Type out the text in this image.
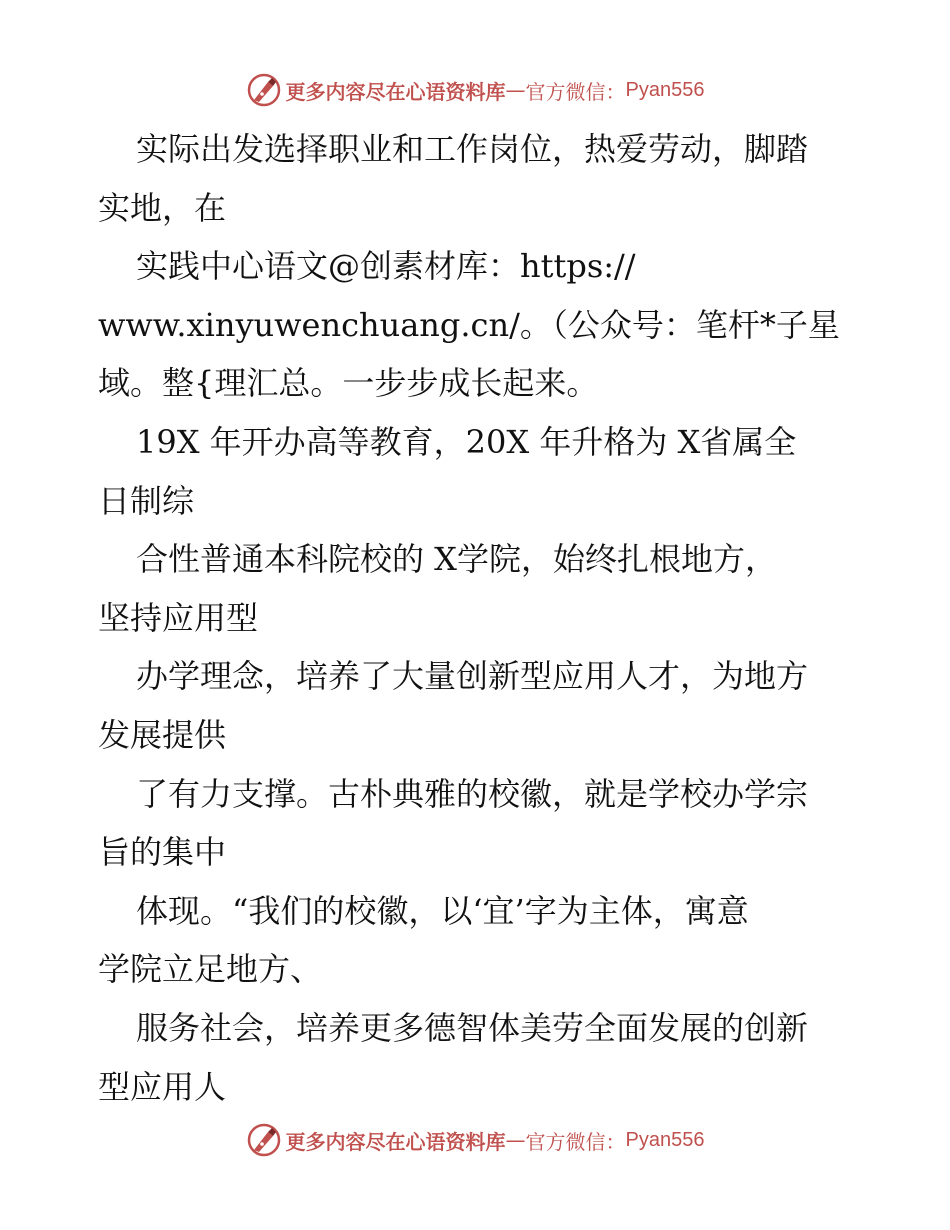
更多内容尽在心语资料库 — 官方微信： Pyan556
实际出发选择职业和工作岗位，热爱劳动，脚踏
实地，在
实践中心语文@创素材库：https://
www.xinyuwenchuang.cn/。（公众号：笔杆*子星
域。整{理汇总。一步步成长起来。
19X 年开办高等教育，20X 年升格为 X省属全
日制综
合性普通本科院校的 X学院，始终扎根地方，
坚持应用型
办学理念，培养了大量创新型应用人才，为地方
发展提供
了有力支撑。古朴典雅的校徽，就是学校办学宗
旨的集中
体现。“我们的校徽，以‘宜’字为主体，寓意
学院立足地方、
服务社会，培养更多德智体美劳全面发展的创新
型应用人
更多内容尽在心语资料库 — 官方微信： Pyan556
